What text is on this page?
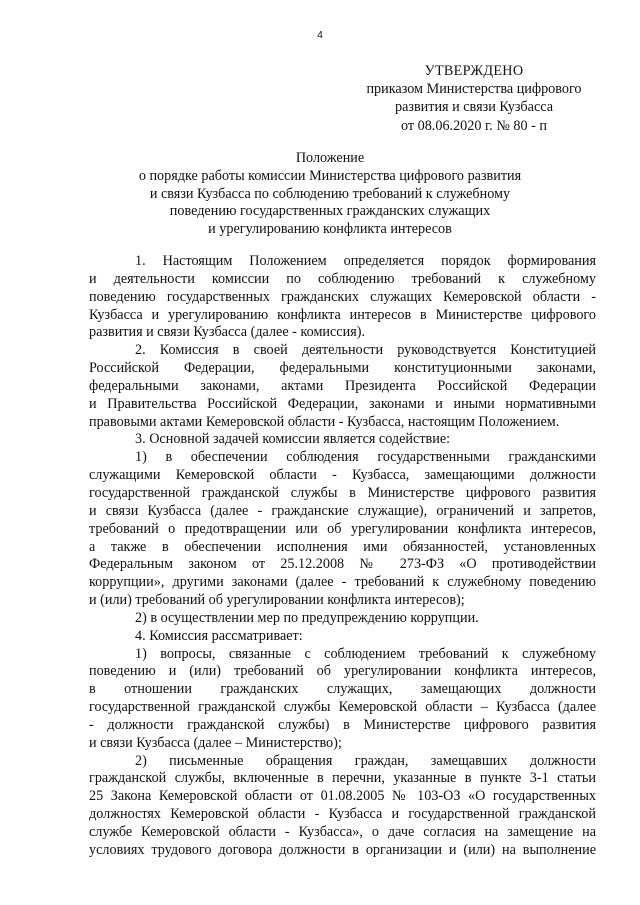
4
УТВЕРЖДЕНО
приказом Министерства цифрового
развития и связи Кузбасса
от 08.06.2020 г. № 80 - п
Положение
о порядке работы комиссии Министерства цифрового развития
и связи Кузбасса по соблюдению требований к служебному
поведению государственных гражданских служащих
и урегулированию конфликта интересов
1. Настоящим Положением определяется порядок формирования
и деятельности комиссии по соблюдению требований к служебному
поведению государственных гражданских служащих Кемеровской области -
Кузбасса и урегулированию конфликта интересов в Министерстве цифрового
развития и связи Кузбасса (далее - комиссия).
2. Комиссия в своей деятельности руководствуется Конституцией
Российской Федерации, федеральными конституционными законами,
федеральными законами, актами Президента Российской Федерации
и Правительства Российской Федерации, законами и иными нормативными
правовыми актами Кемеровской области - Кузбасса, настоящим Положением.
3. Основной задачей комиссии является содействие:
1) в обеспечении соблюдения государственными гражданскими
служащими Кемеровской области - Кузбасса, замещающими должности
государственной гражданской службы в Министерстве цифрового развития
и связи Кузбасса (далее - гражданские служащие), ограничений и запретов,
требований о предотвращении или об урегулировании конфликта интересов,
а также в обеспечении исполнения ими обязанностей, установленных
Федеральным законом от 25.12.2008 № 273-ФЗ «О противодействии
коррупции», другими законами (далее - требований к служебному поведению
и (или) требований об урегулировании конфликта интересов);
2) в осуществлении мер по предупреждению коррупции.
4. Комиссия рассматривает:
1) вопросы, связанные с соблюдением требований к служебному
поведению и (или) требований об урегулировании конфликта интересов,
в отношении гражданских служащих, замещающих должности
государственной гражданской службы Кемеровской области – Кузбасса (далее
- должности гражданской службы) в Министерстве цифрового развития
и связи Кузбасса (далее – Министерство);
2) письменные обращения граждан, замещавших должности
гражданской службы, включенные в перечни, указанные в пункте 3-1 статьи
25 Закона Кемеровской области от 01.08.2005 № 103-ОЗ «О государственных
должностях Кемеровской области - Кузбасса и государственной гражданской
службе Кемеровской области - Кузбасса», о даче согласия на замещение на
условиях трудового договора должности в организации и (или) на выполнение
